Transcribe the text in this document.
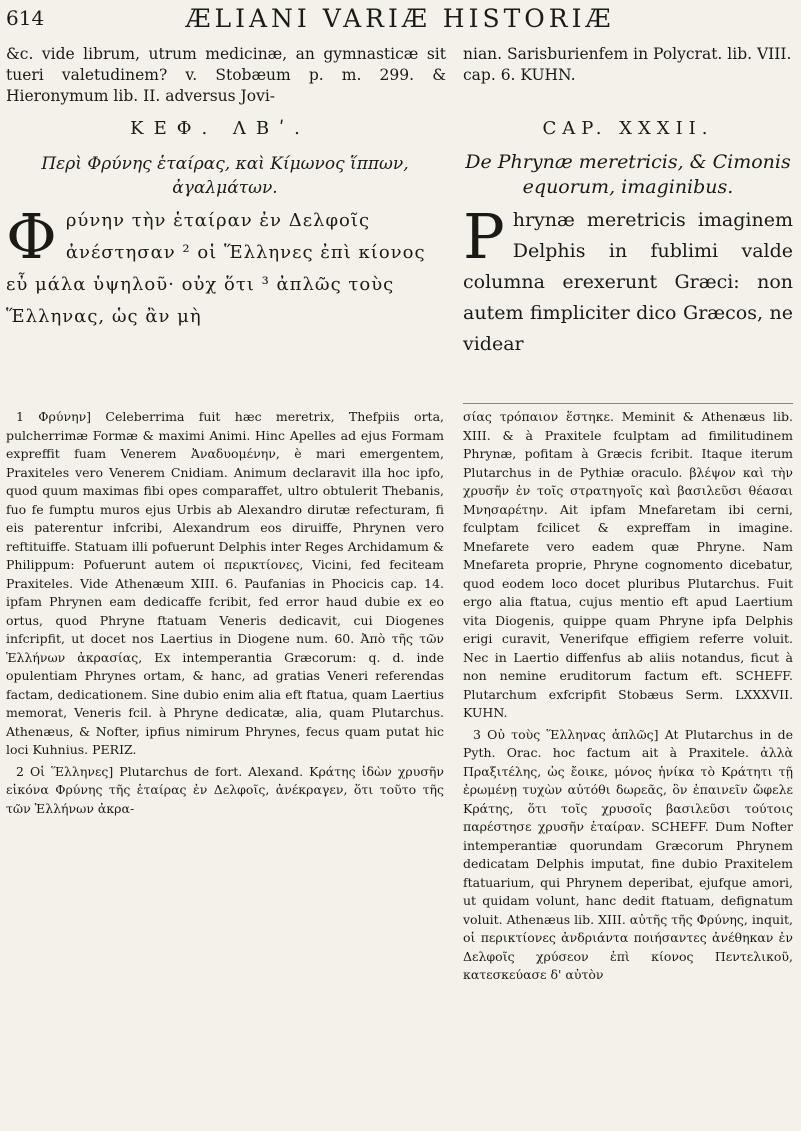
614	ÆLIANI VARIÆ HISTORIÆ
&c. vide librum, utrum medicinæ, an gymnasticæ sit tueri valetudinem? v. Stobæum p. m. 299. & Hieronymum lib. II. adversus Jovi-
nian. Sarisburienfem in Polycrat. lib. VIII. cap. 6. KUHN.
ΚΕΦ. ΛΒʹ.	CAP. XXXII.
Περὶ Φρύνης ἑταίρας, καὶ Κίμωνος ἵππων, ἀγαλμάτων.
De Phrynæ meretricis, & Cimonis equorum, imaginibus.
Φρύνην τὴν ἑταίραν ἐν Δελφοῖς ἀνέστησαν ² οἱ Ἕλληνες ἐπὶ κίονος εὖ μάλα ὑψηλοῦ· οὐχ ὅτι ³ ἀπλῶς τοὺς Ἕλληνας, ὡς ἂν μὴ
Phrynæ meretricis imaginem Delphis in fublimi valde columna erexerunt Græci: non autem fimpliciter dico Græcos, ne videar

1 Φρύνην] Celeberrima fuit hæc meretrix, Thefpiis orta, pulcherrimæ Formæ & maximi Animi. Hinc Apelles ad ejus Formam expreffit fuam Venerem Ἀναδυομένην, è mari emergentem, Praxiteles vero Venerem Cnidiam. Animum declaravit illa hoc ipfo, quod quum maximas fibi opes comparaffet, ultro obtulerit Thebanis, fuo fe fumptu muros ejus Urbis ab Alexandro dirutæ refecturam, fi eis paterentur infcribi, Alexandrum eos diruiffe, Phrynen vero reftituiffe. Statuam illi pofuerunt Delphis inter Reges Archidamum & Philippum: Pofuerunt autem οἱ περικτίονες, Vicini, fed feciteam Praxiteles. Vide Athenæum XIII. 6. Paufanias in Phocicis cap. 14. ipfam Phrynen eam dedicaffe fcribit, fed error haud dubie ex eo ortus, quod Phryne ftatuam Veneris dedicavit, cui Diogenes infcripfit, ut docet nos Laertius in Diogene num. 60. Ἀπὸ τῆς τῶν Ἑλλήνων ἀκρασίας, Ex intemperantia Græcorum: q. d. inde opulentiam Phrynes ortam, & hanc, ad gratias Veneri referendas factam, dedicationem. Sine dubio enim alia eft ftatua, quam Laertius memorat, Veneris fcil. à Phryne dedicatæ, alia, quam Plutarchus. Athenæus, & Nofter, ipfius nimirum Phrynes, fecus quam putat hic loci Kuhnius. PERIZ.

2 Οἱ Ἕλληνες] Plutarchus de fort. Alexand. Κράτης ἰδὼν χρυσῆν εἰκόνα Φρύνης τῆς ἑταίρας ἐν Δελφοῖς, ἀνέκραγεν, ὅτι τοῦτο τῆς τῶν Ἑλλήνων ἀκρα-

σίας τρόπαιον ἕστηκε. Meminit & Athenæus lib. XIII. & à Praxitele fculptam ad fimilitudinem Phrynæ, pofitam à Græcis fcribit. Itaque iterum Plutarchus in de Pythiæ oraculo. βλέψον καὶ τὴν χρυσῆν ἐν τοῖς στρατηγοῖς καὶ βασιλεῦσι θέασαι Μνησαρέτην. Ait ipfam Mnefaretam ibi cerni, fculptam fcilicet & expreffam in imagine. Mnefarete vero eadem quæ Phryne. Nam Mnefareta proprie, Phryne cognomento dicebatur, quod eodem loco docet pluribus Plutarchus. Fuit ergo alia ftatua, cujus mentio eft apud Laertium vita Diogenis, quippe quam Phryne ipfa Delphis erigi curavit, Venerifque effigiem referre voluit. Nec in Laertio diffenfus ab aliis notandus, ficut à non nemine eruditorum factum eft. SCHEFF. Plutarchum exfcripfit Stobæus Serm. LXXXVII. KUHN.

3 Οὐ τοὺς Ἕλληνας ἁπλῶς] At Plutarchus in de Pyth. Orac. hoc factum ait à Praxitele. ἀλλὰ Πραξιτέλης, ὡς ἔοικε, μόνος ἡνίκα τὸ Κράτητι τῇ ἐρωμένῃ τυχὼν αὐτόθι δωρεᾶς, ὃν ἐπαινεῖν ὤφελε Κράτης, ὅτι τοῖς χρυσοῖς βασιλεῦσι τούτοις παρέστησε χρυσῆν ἑταίραν. SCHEFF. Dum Nofter intemperantiæ quorundam Græcorum Phrynem dedicatam Delphis imputat, fine dubio Praxitelem ftatuarium, qui Phrynem deperibat, ejufque amori, ut quidam volunt, hanc dedit ftatuam, defignatum voluit. Athenæus lib. XIII. αὐτῆς τῆς Φρύνης, inquit, οἱ περικτίονες ἀνδριάντα ποιήσαντες ἀνέθηκαν ἐν Δελφοῖς χρύσεον ἐπὶ κίονος Πεντελικοῦ, κατεσκεύασε δ' αὐτὸν
